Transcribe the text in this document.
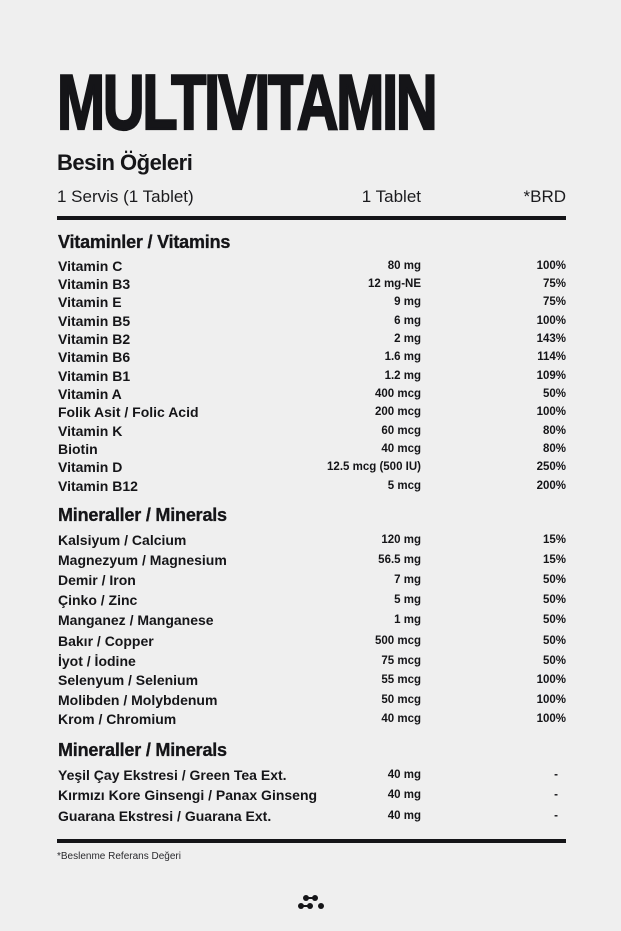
MULTIVITAMIN
Besin Öğeleri
1 Servis (1 Tablet)	1 Tablet	*BRD
Vitaminler / Vitamins
Vitamin C	80 mg	100%
Vitamin B3	12 mg-NE	75%
Vitamin E	9 mg	75%
Vitamin B5	6 mg	100%
Vitamin B2	2 mg	143%
Vitamin B6	1.6 mg	114%
Vitamin B1	1.2 mg	109%
Vitamin A	400 mcg	50%
Folik Asit / Folic Acid	200 mcg	100%
Vitamin K	60 mcg	80%
Biotin	40 mcg	80%
Vitamin D	12.5 mcg (500 IU)	250%
Vitamin B12	5 mcg	200%
Mineraller / Minerals
Kalsiyum / Calcium	120 mg	15%
Magnezyum / Magnesium	56.5 mg	15%
Demir / Iron	7 mg	50%
Çinko / Zinc	5 mg	50%
Manganez / Manganese	1 mg	50%
Bakır / Copper	500 mcg	50%
İyot / İodine	75 mcg	50%
Selenyum / Selenium	55 mcg	100%
Molibden / Molybdenum	50 mcg	100%
Krom / Chromium	40 mcg	100%
Mineraller / Minerals
Yeşil Çay Ekstresi / Green Tea Ext.	40 mg	-
Kırmızı Kore Ginsengi / Panax Ginseng	40 mg	-
Guarana Ekstresi / Guarana Ext.	40 mg	-
*Beslenme Referans Değeri
